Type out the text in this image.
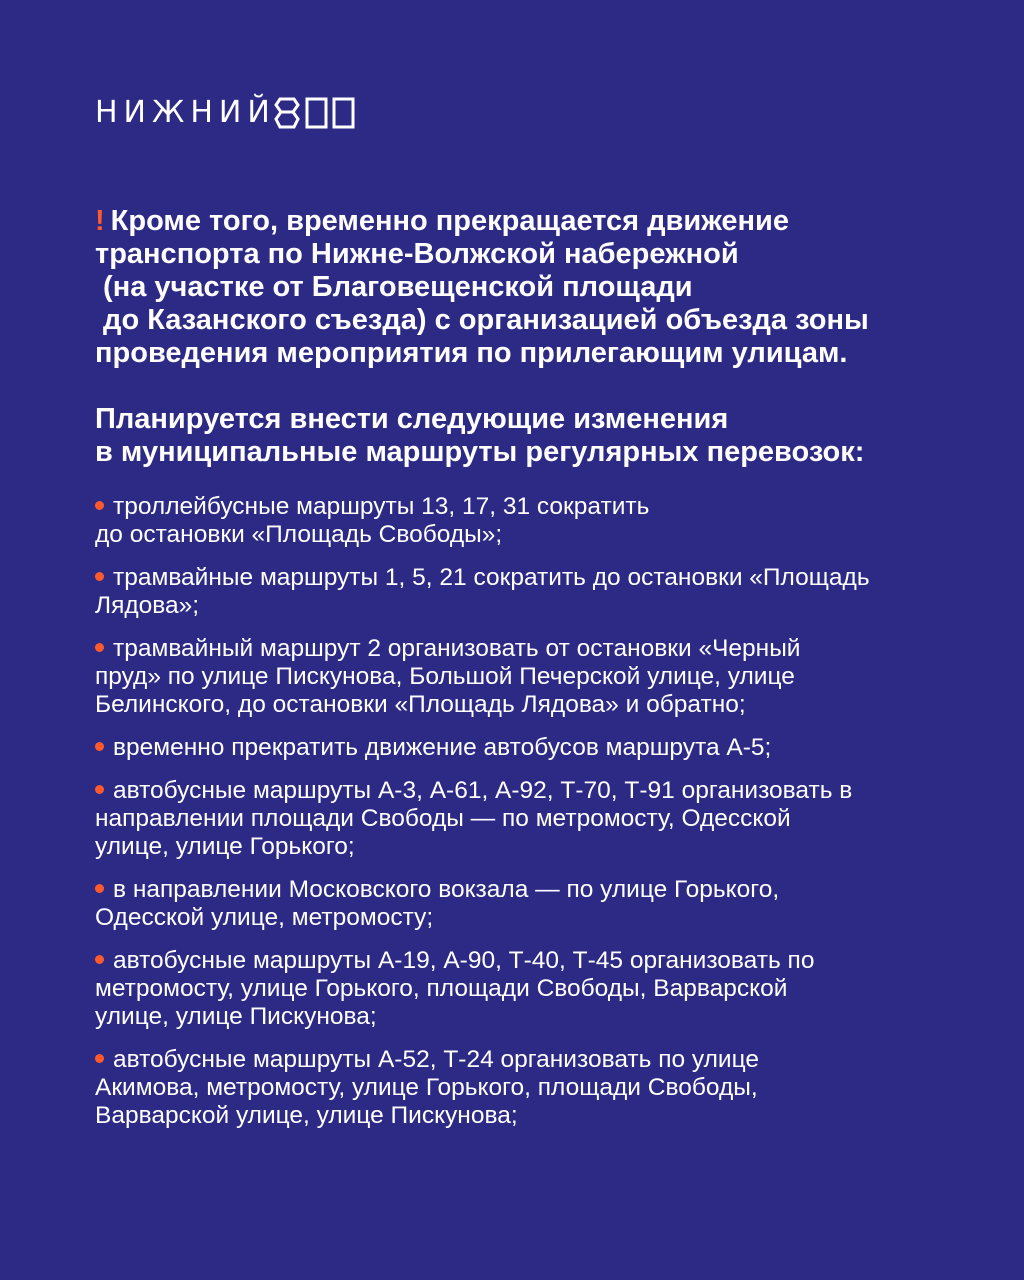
НИЖНИЙ

! Кроме того, временно прекращается движение
транспорта по Нижне-Волжской набережной
(на участке от Благовещенской площади
до Казанского съезда) с организацией объезда зоны
проведения мероприятия по прилегающим улицам.

Планируется внести следующие изменения
в муниципальные маршруты регулярных перевозок:

троллейбусные маршруты 13, 17, 31 сократить
до остановки «Площадь Свободы»;
трамвайные маршруты 1, 5, 21 сократить до остановки «Площадь
Лядова»;
трамвайный маршрут 2 организовать от остановки «Черный
пруд» по улице Пискунова, Большой Печерской улице, улице
Белинского, до остановки «Площадь Лядова» и обратно;
временно прекратить движение автобусов маршрута А-5;
автобусные маршруты А-3, А-61, А-92, Т-70, Т-91 организовать в
направлении площади Свободы — по метромосту, Одесской
улице, улице Горького;
в направлении Московского вокзала — по улице Горького,
Одесской улице, метромосту;
автобусные маршруты А-19, А-90, Т-40, Т-45 организовать по
метромосту, улице Горького, площади Свободы, Варварской
улице, улице Пискунова;
автобусные маршруты А-52, Т-24 организовать по улице
Акимова, метромосту, улице Горького, площади Свободы,
Варварской улице, улице Пискунова;
